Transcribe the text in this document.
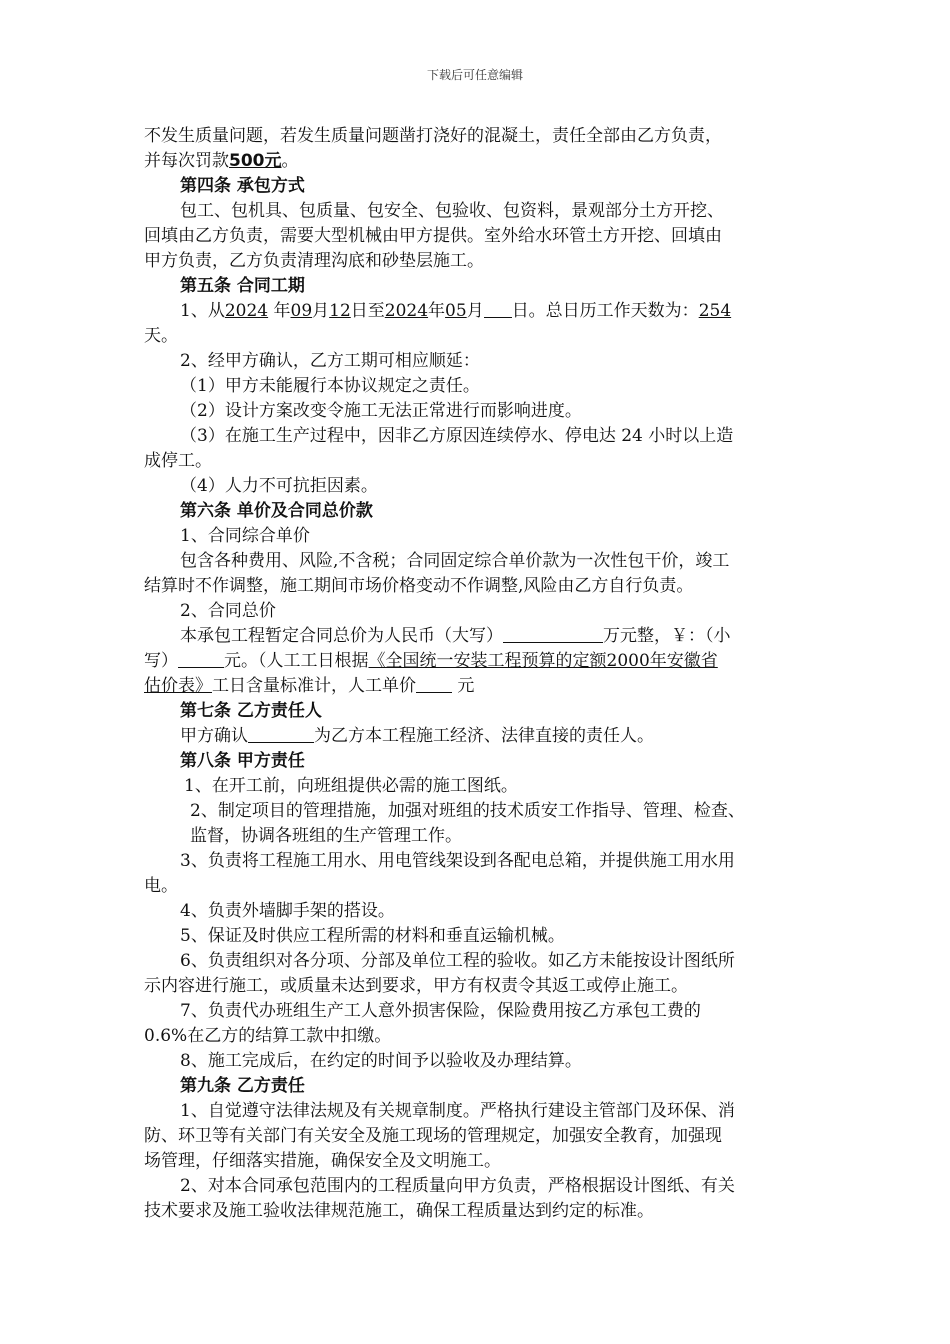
下载后可任意编辑

不发生质量问题，若发生质量问题凿打浇好的混凝土，责任全部由乙方负责，

并每次罚款500元。

第四条 承包方式

包工、包机具、包质量、包安全、包验收、包资料，景观部分土方开挖、

回填由乙方负责，需要大型机械由甲方提供。室外给水环管土方开挖、回填由

甲方负责，乙方负责清理沟底和砂垫层施工。

第五条 合同工期

1、从2024 年09月12日至2024年05月 日。总日历工作天数为：254

天。

2、经甲方确认，乙方工期可相应顺延：

（1）甲方未能履行本协议规定之责任。

（2）设计方案改变令施工无法正常进行而影响进度。

（3）在施工生产过程中，因非乙方原因连续停水、停电达 24 小时以上造

成停工。

（4）人力不可抗拒因素。

第六条 单价及合同总价款

1、合同综合单价

包含各种费用、风险,不含税；合同固定综合单价款为一次性包干价，竣工

结算时不作调整，施工期间市场价格变动不作调整,风险由乙方自行负责。

2、合同总价

本承包工程暂定合同总价为人民币（大写）	万元整，￥：（小

写）	元。（人工工日根据《全国统一安装工程预算的定额2000年安徽省

估价表》工日含量标准计，人工单价 元

第七条 乙方责任人

甲方确认	为乙方本工程施工经济、法律直接的责任人。

第八条 甲方责任

1、在开工前，向班组提供必需的施工图纸。

2、制定项目的管理措施，加强对班组的技术质安工作指导、管理、检查、

监督，协调各班组的生产管理工作。

3、负责将工程施工用水、用电管线架设到各配电总箱，并提供施工用水用

电。

4、负责外墙脚手架的搭设。

5、保证及时供应工程所需的材料和垂直运输机械。

6、负责组织对各分项、分部及单位工程的验收。如乙方未能按设计图纸所

示内容进行施工，或质量未达到要求，甲方有权责令其返工或停止施工。

7、负责代办班组生产工人意外损害保险，保险费用按乙方承包工费的

0.6%在乙方的结算工款中扣缴。

8、施工完成后，在约定的时间予以验收及办理结算。

第九条 乙方责任

1、自觉遵守法律法规及有关规章制度。严格执行建设主管部门及环保、消

防、环卫等有关部门有关安全及施工现场的管理规定，加强安全教育，加强现

场管理，仔细落实措施，确保安全及文明施工。

2、对本合同承包范围内的工程质量向甲方负责，严格根据设计图纸、有关

技术要求及施工验收法律规范施工，确保工程质量达到约定的标准。
